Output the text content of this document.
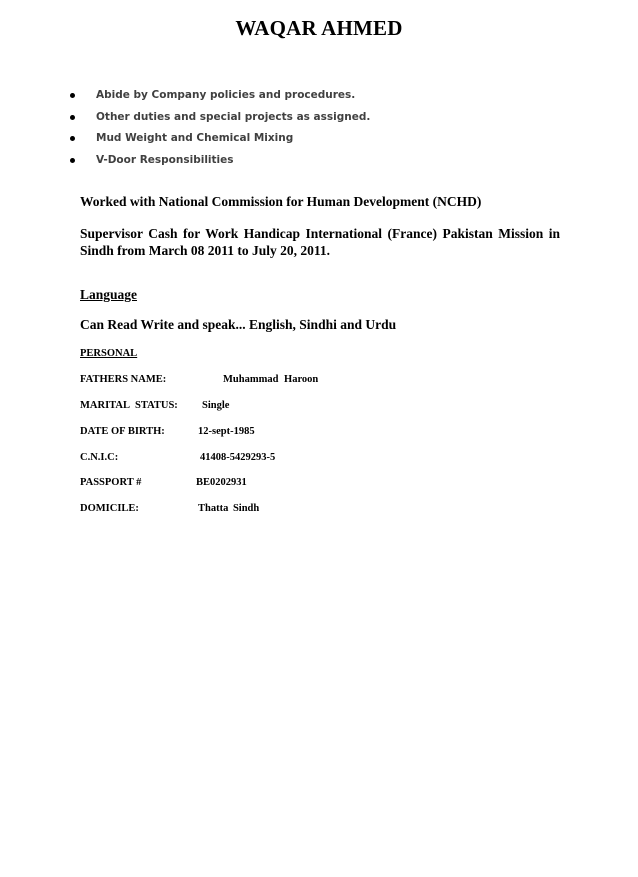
WAQAR AHMED
Abide by Company policies and procedures.
Other duties and special projects as assigned.
Mud Weight and Chemical Mixing
V-Door Responsibilities
Worked with National Commission for Human Development (NCHD)
Supervisor Cash for Work Handicap International (France) Pakistan Mission in Sindh from March 08 2011 to July 20, 2011.
Language
Can Read Write and speak... English, Sindhi and Urdu
PERSONAL
FATHERS NAME:	Muhammad Haroon
MARITAL STATUS: Single
DATE OF BIRTH:	12-sept-1985
C.N.I.C:	41408-5429293-5
PASSPORT #	BE0202931
DOMICILE:	Thatta Sindh
